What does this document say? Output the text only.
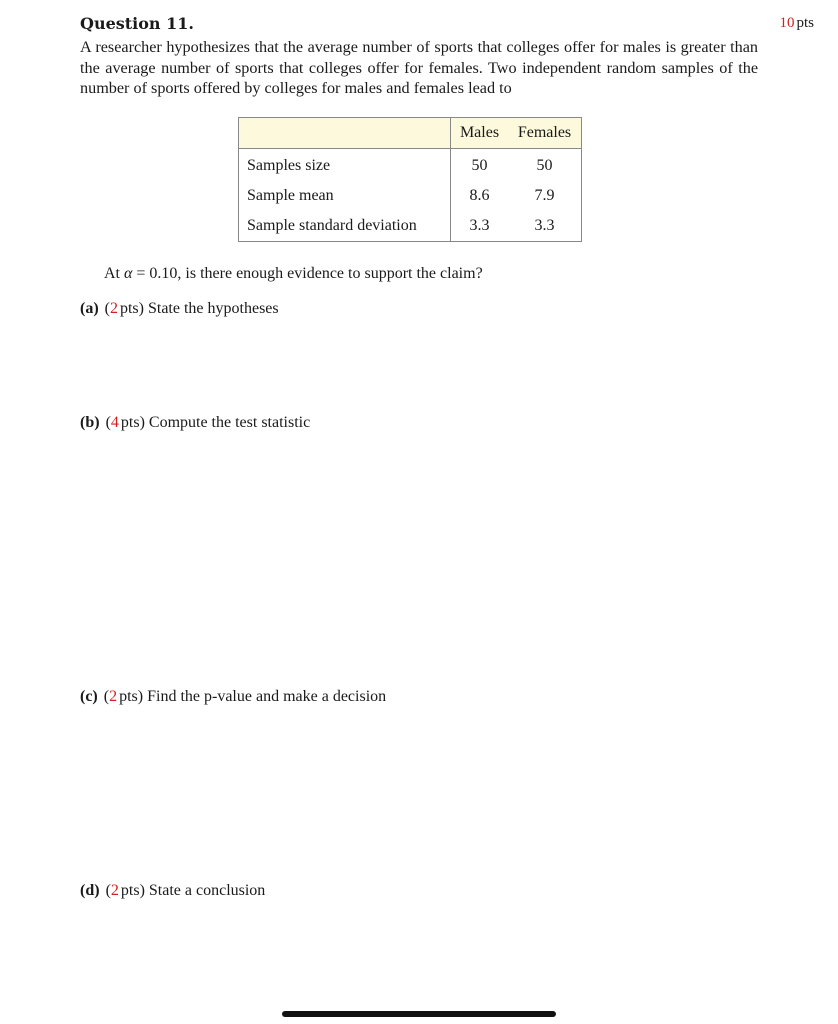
Question 11.	10 pts
A researcher hypothesizes that the average number of sports that colleges offer for males is greater than the average number of sports that colleges offer for females. Two independent random samples of the number of sports offered by colleges for males and females lead to
	Males	Females
Samples size	50	50
Sample mean	8.6	7.9
Sample standard deviation	3.3	3.3
At α = 0.10, is there enough evidence to support the claim?
(a) (2 pts) State the hypotheses
(b) (4 pts) Compute the test statistic
(c) (2 pts) Find the p-value and make a decision
(d) (2 pts) State a conclusion
